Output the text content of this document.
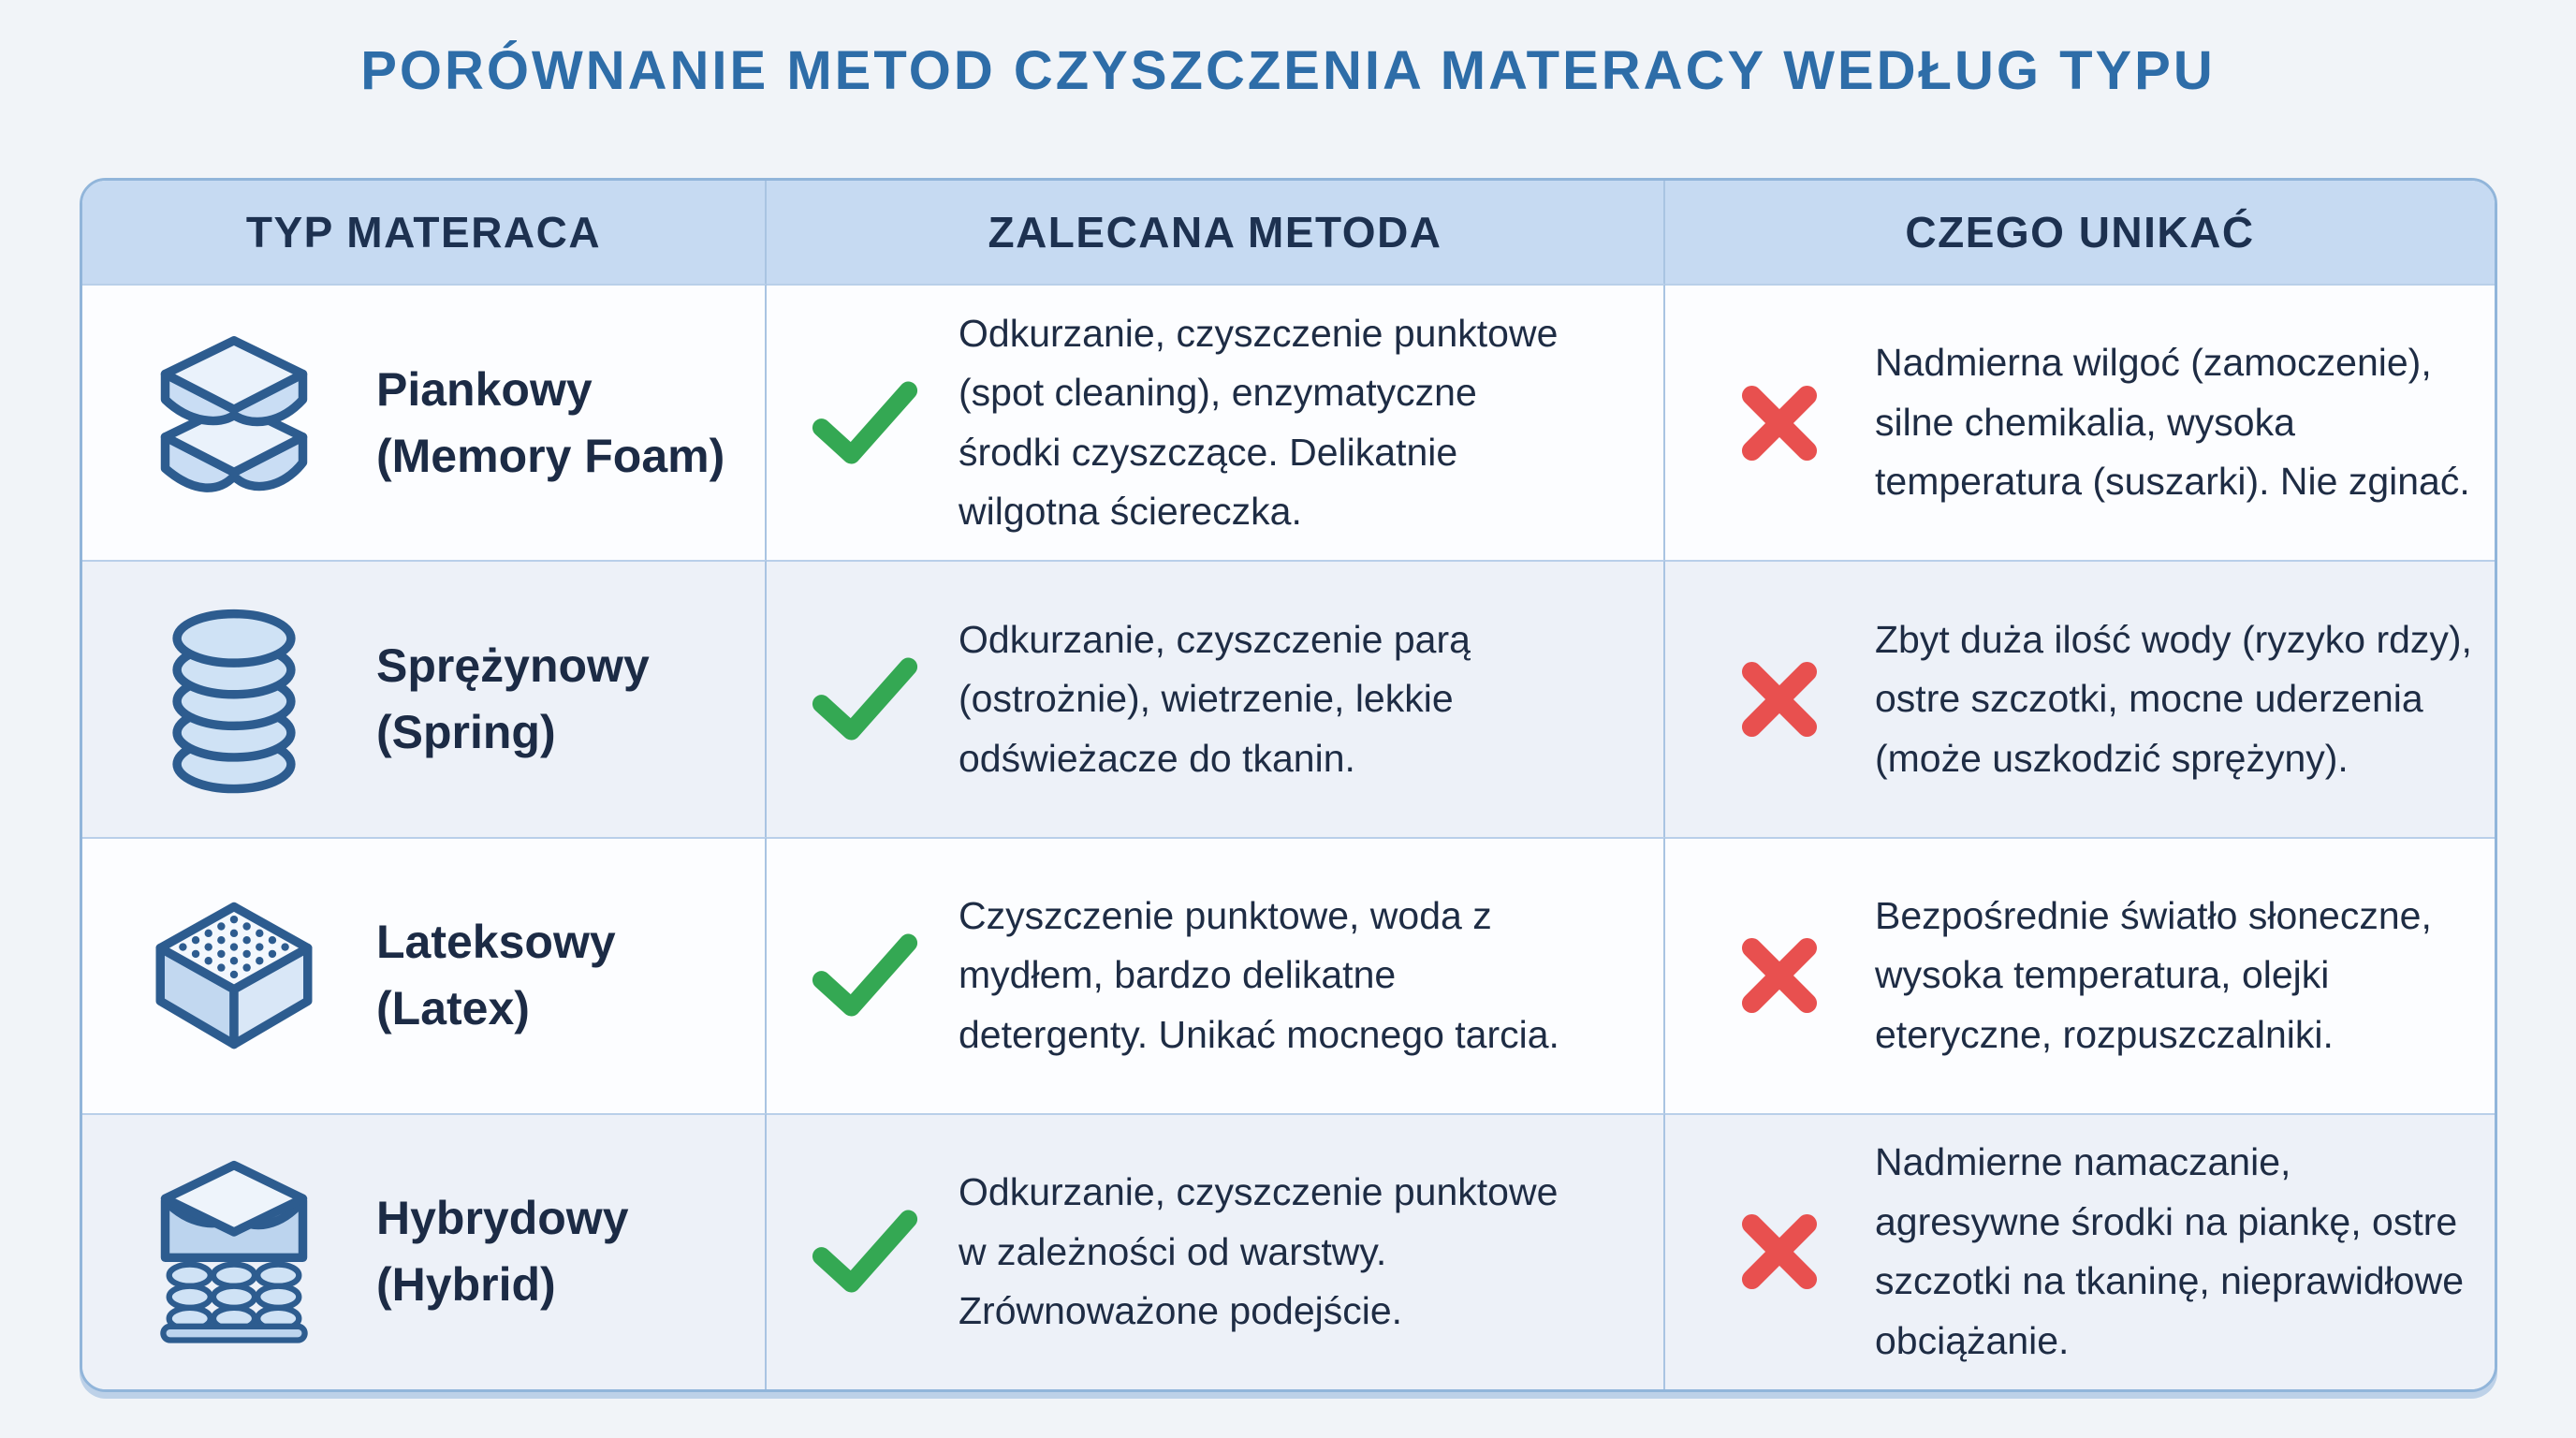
PORÓWNANIE METOD CZYSZCZENIA MATERACY WEDŁUG TYPU
TYP MATERACA	ZALECANA METODA	CZEGO UNIKAĆ
Piankowy
(Memory Foam)
Odkurzanie, czyszczenie punktowe (spot cleaning), enzymatyczne środki czyszczące. Delikatnie wilgotna ściereczka.
Nadmierna wilgoć (zamoczenie), silne chemikalia, wysoka temperatura (suszarki). Nie zginać.
Sprężynowy
(Spring)
Odkurzanie, czyszczenie parą (ostrożnie), wietrzenie, lekkie odświeżacze do tkanin.
Zbyt duża ilość wody (ryzyko rdzy), ostre szczotki, mocne uderzenia (może uszkodzić sprężyny).
Lateksowy
(Latex)
Czyszczenie punktowe, woda z mydłem, bardzo delikatne detergenty. Unikać mocnego tarcia.
Bezpośrednie światło słoneczne, wysoka temperatura, olejki eteryczne, rozpuszczalniki.
Hybrydowy
(Hybrid)
Odkurzanie, czyszczenie punktowe w zależności od warstwy. Zrównoważone podejście.
Nadmierne namaczanie, agresywne środki na piankę, ostre szczotki na tkaninę, nieprawidłowe obciążanie.
